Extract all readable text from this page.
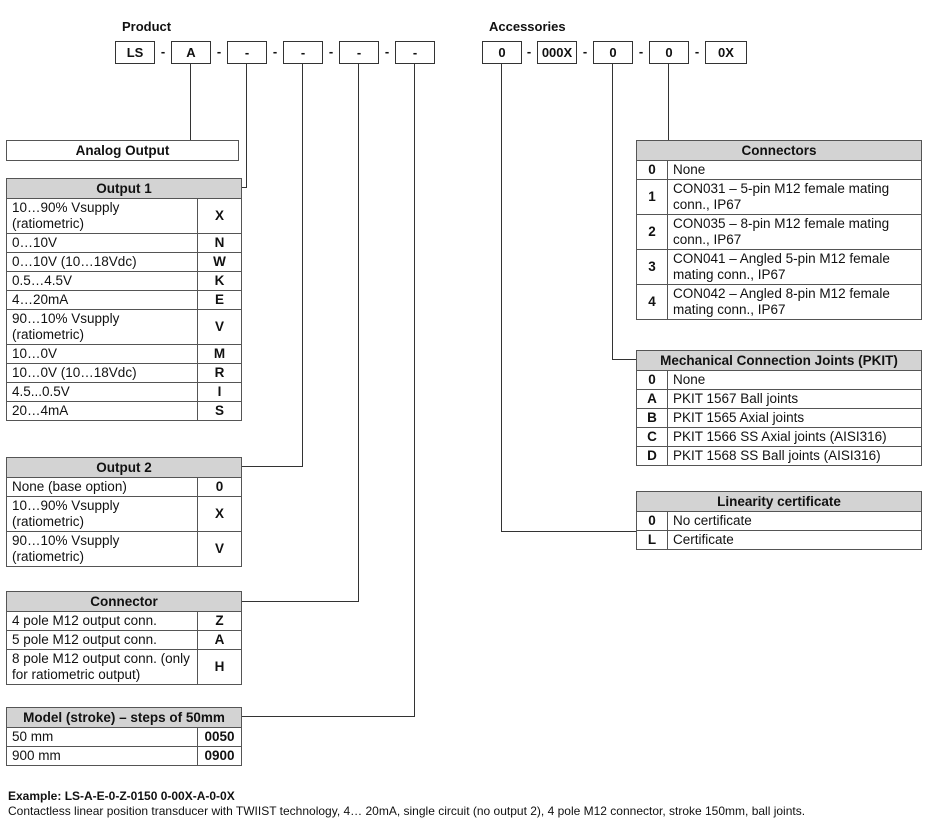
Product	Accessories
LS	-	A	-	-	-	-	-	-	-	-	0	- 000X -	0	-	0	-	0X
Analog Output
Output 1	
10…90% Vsupply (ratiometric)	X
0…10V	N
0…10V (10…18Vdc)	W
0.5…4.5V	K
4…20mA	E
90…10% Vsupply (ratiometric)	V
10…0V	M
10…0V (10…18Vdc)	R
4.5...0.5V	I
20…4mA	S
Output 2	
None (base option)	0
10…90% Vsupply (ratiometric)	X
90…10% Vsupply (ratiometric)	V
Connector	
4 pole M12 output conn.	Z
5 pole M12 output conn.	A
8 pole M12 output conn. (only for ratiometric output)	H
Model (stroke) – steps of 50mm	
50 mm	0050
900 mm	0900
Connectors	
0	None
1	CON031 – 5-pin M12 female mating conn., IP67
2	CON035 – 8-pin M12 female mating conn., IP67
3	CON041 – Angled 5-pin M12 female mating conn., IP67
4	CON042 – Angled 8-pin M12 female mating conn., IP67
Mechanical Connection Joints (PKIT)	
0	None
A	PKIT 1567 Ball joints
B	PKIT 1565 Axial joints
C	PKIT 1566 SS Axial joints (AISI316)
D	PKIT 1568 SS Ball joints (AISI316)
Linearity certificate	
0	No certificate
L	Certificate
Example: LS-A-E-0-Z-0150 0-00X-A-0-0X
Contactless linear position transducer with TWIIST technology, 4… 20mA, single circuit (no output 2), 4 pole M12 connector, stroke 150mm, ball joints.
